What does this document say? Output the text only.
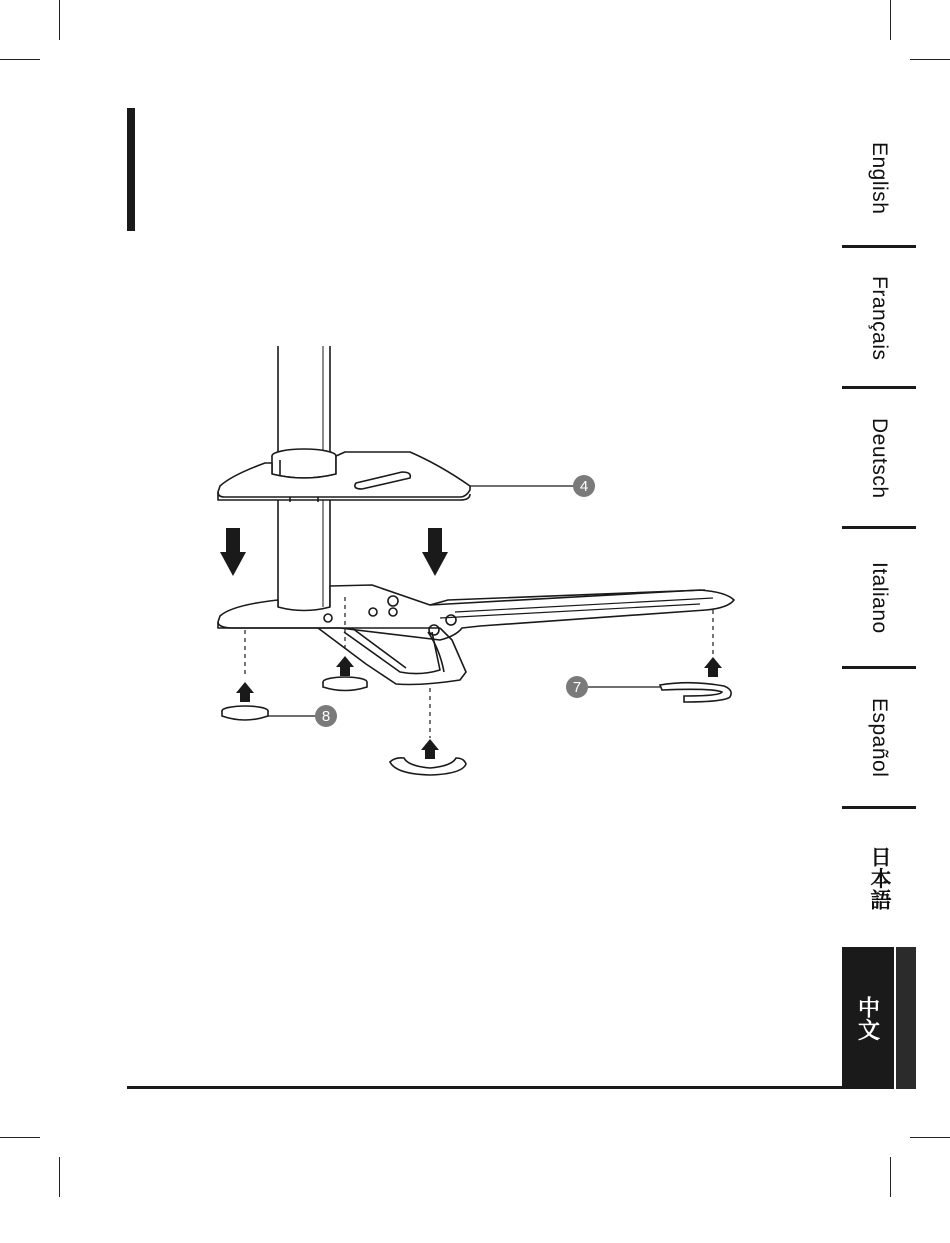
4
7
8
English
Français
Deutsch
Italiano
Español
日本語
中文
